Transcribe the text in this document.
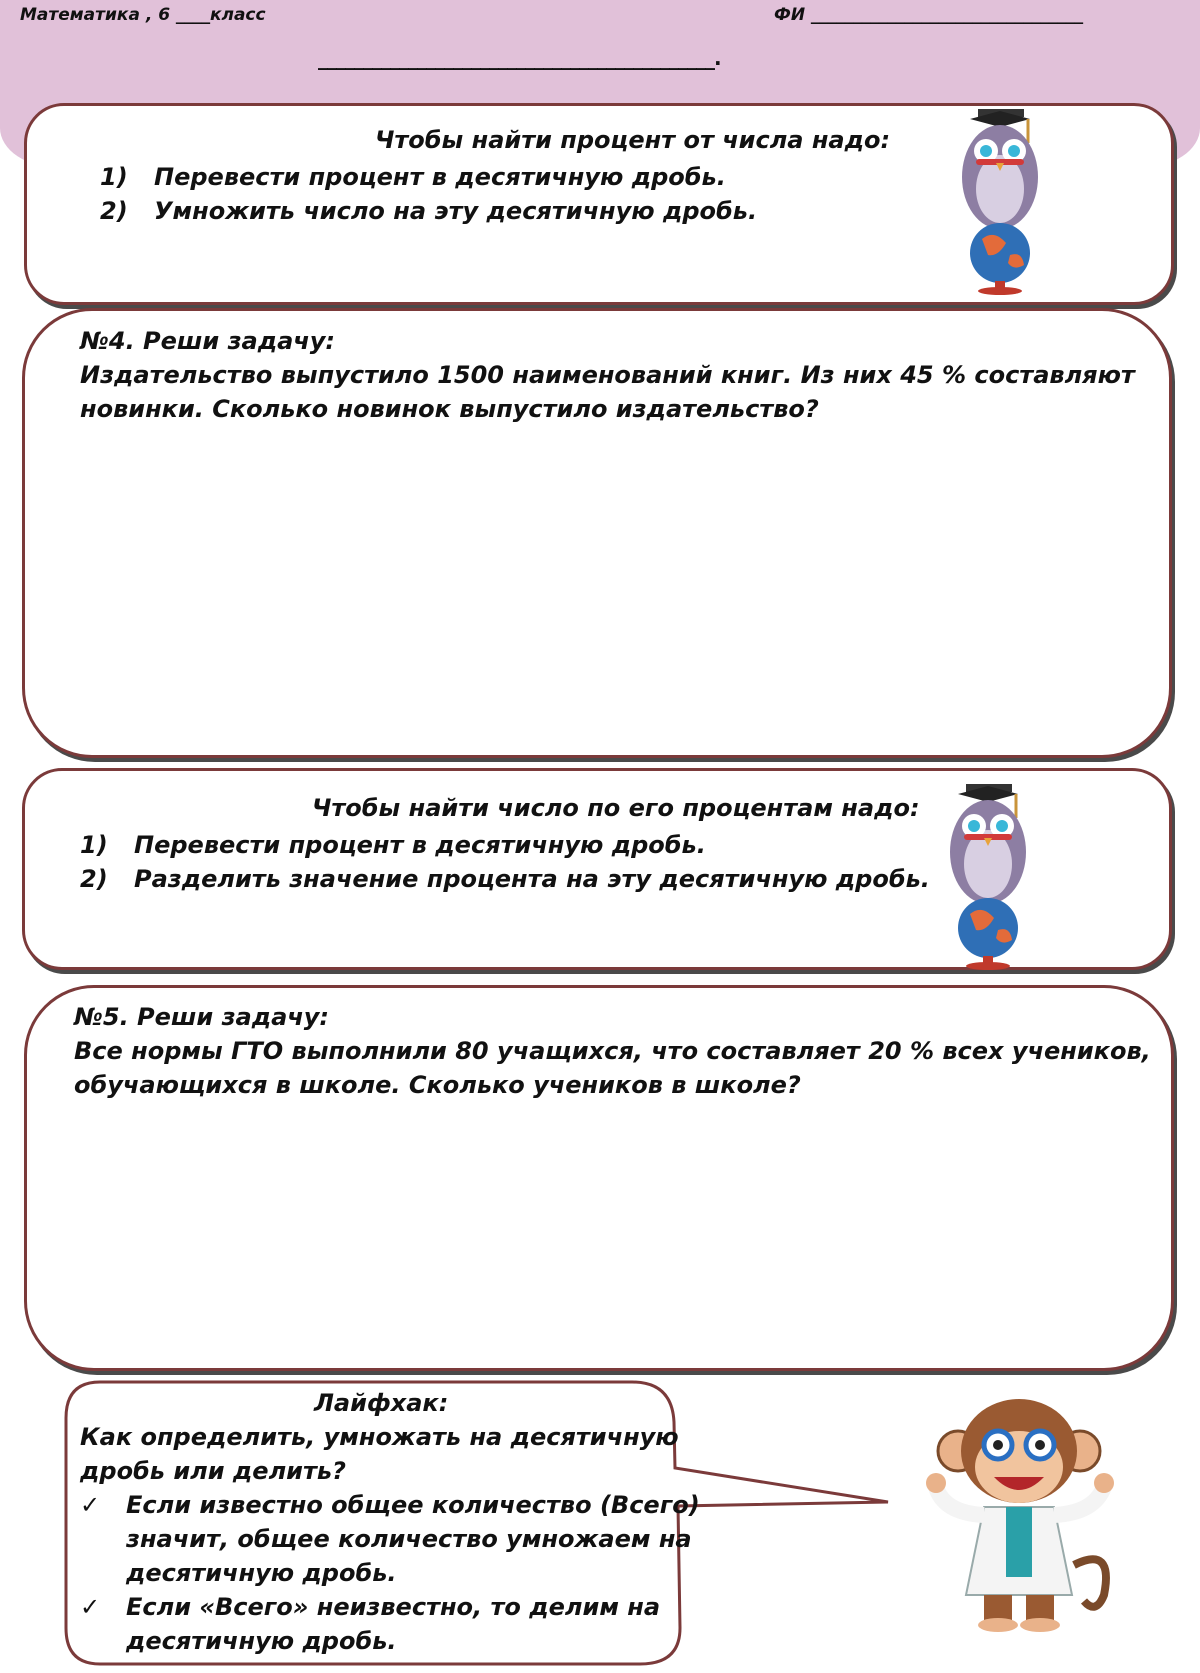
Математика , 6 ____класс	ФИ ________________________________
____________________________________________.
Чтобы найти процент от числа надо:
1) Перевести процент в десятичную дробь.
2) Умножить число на эту десятичную дробь.
№4. Реши задачу:
Издательство выпустило 1500 наименований книг. Из них 45 % составляют
новинки. Сколько новинок выпустило издательство?
Чтобы найти число по его процентам надо:
1) Перевести процент в десятичную дробь.
2) Разделить значение процента на эту десятичную дробь.
№5. Реши задачу:
Все нормы ГТО выполнили 80 учащихся, что составляет 20 % всех учеников,
обучающихся в школе. Сколько учеников в школе?
Лайфхак:
Как определить, умножать на десятичную
дробь или делить?
✓ Если известно общее количество (Всего)
значит, общее количество умножаем на
десятичную дробь.
✓ Если «Всего» неизвестно, то делим на
десятичную дробь.
